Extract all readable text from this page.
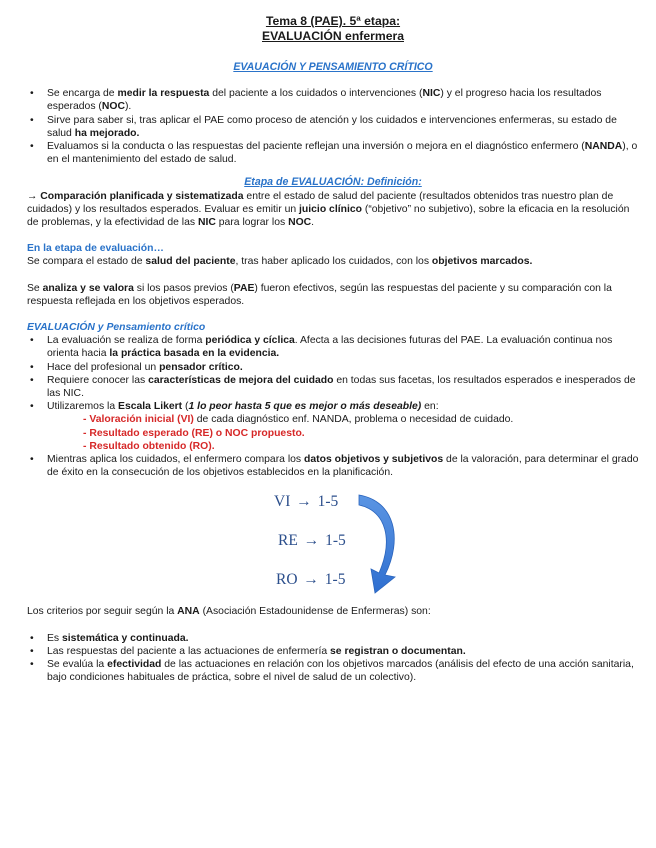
Tema 8 (PAE). 5ª etapa:
EVALUACIÓN enfermera
EVAUACIÓN Y PENSAMIENTO CRÍTICO
• Se encarga de medir la respuesta del paciente a los cuidados o intervenciones (NIC) y el progreso hacia los resultados esperados (NOC).
• Sirve para saber si, tras aplicar el PAE como proceso de atención y los cuidados e intervenciones enfermeras, su estado de salud ha mejorado.
• Evaluamos si la conducta o las respuestas del paciente reflejan una inversión o mejora en el diagnóstico enfermero (NANDA), o en el mantenimiento del estado de salud.
Etapa de EVALUACIÓN: Definición:
→ Comparación planificada y sistematizada entre el estado de salud del paciente (resultados obtenidos tras nuestro plan de cuidados) y los resultados esperados. Evaluar es emitir un juicio clínico (“objetivo” no subjetivo), sobre la eficacia en la resolución de problemas, y la efectividad de las NIC para lograr los NOC.
En la etapa de evaluación…
Se compara el estado de salud del paciente, tras haber aplicado los cuidados, con los objetivos marcados.
Se analiza y se valora si los pasos previos (PAE) fueron efectivos, según las respuestas del paciente y su comparación con la respuesta reflejada en los objetivos esperados.
EVALUACIÓN y Pensamiento crítico
• La evaluación se realiza de forma periódica y cíclica. Afecta a las decisiones futuras del PAE. La evaluación continua nos orienta hacia la práctica basada en la evidencia.
• Hace del profesional un pensador crítico.
• Requiere conocer las características de mejora del cuidado en todas sus facetas, los resultados esperados e inesperados de las NIC.
• Utilizaremos la Escala Likert (1 lo peor hasta 5 que es mejor o más deseable) en:
- Valoración inicial (VI) de cada diagnóstico enf. NANDA, problema o necesidad de cuidado.
- Resultado esperado (RE) o NOC propuesto.
- Resultado obtenido (RO).
• Mientras aplica los cuidados, el enfermero compara los datos objetivos y subjetivos de la valoración, para determinar el grado de éxito en la consecución de los objetivos establecidos en la planificación.
VI → 1-5
RE → 1-5
RO → 1-5
Los criterios por seguir según la ANA (Asociación Estadounidense de Enfermeras) son:
• Es sistemática y continuada.
• Las respuestas del paciente a las actuaciones de enfermería se registran o documentan.
• Se evalúa la efectividad de las actuaciones en relación con los objetivos marcados (análisis del efecto de una acción sanitaria, bajo condiciones habituales de práctica, sobre el nivel de salud de un colectivo).
